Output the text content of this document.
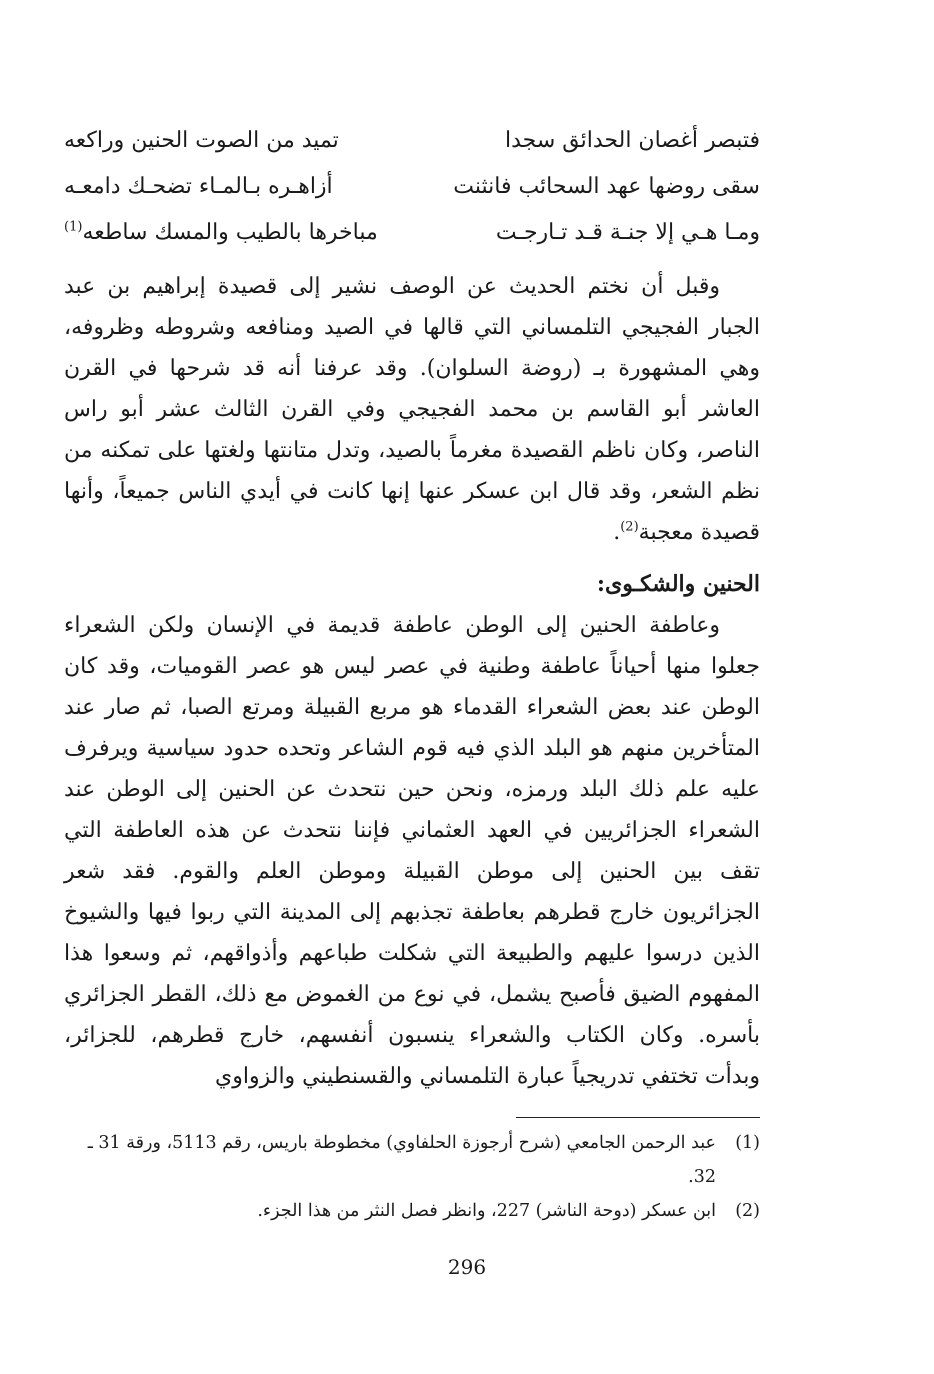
فتبصر أغصان الحدائق سجدا
تميد من الصوت الحنين وراكعه
سقى روضها عهد السحائب فانثنت
أزاهـره بـالمـاء تضحـك دامعـه
ومـا هـي إلا جنـة قـد تـارجـت
مباخرها بالطيب والمسك ساطعه$^{(1)}$

وقبل أن نختم الحديث عن الوصف نشير إلى قصيدة إبراهيم بن عبد الجبار الفجيجي التلمساني التي قالها في الصيد ومنافعه وشروطه وظروفه، وهي المشهورة بـ (روضة السلوان). وقد عرفنا أنه قد شرحها في القرن العاشر أبو القاسم بن محمد الفجيجي وفي القرن الثالث عشر أبو راس الناصر، وكان ناظم القصيدة مغرماً بالصيد، وتدل متانتها ولغتها على تمكنه من نظم الشعر، وقد قال ابن عسكر عنها إنها كانت في أيدي الناس جميعاً، وأنها قصيدة معجبة$^{(2)}$.

الحنين والشكـوى:

وعاطفة الحنين إلى الوطن عاطفة قديمة في الإنسان ولكن الشعراء جعلوا منها أحياناً عاطفة وطنية في عصر ليس هو عصر القوميات، وقد كان الوطن عند بعض الشعراء القدماء هو مربع القبيلة ومرتع الصبا، ثم صار عند المتأخرين منهم هو البلد الذي فيه قوم الشاعر وتحده حدود سياسية ويرفرف عليه علم ذلك البلد ورمزه، ونحن حين نتحدث عن الحنين إلى الوطن عند الشعراء الجزائريين في العهد العثماني فإننا نتحدث عن هذه العاطفة التي تقف بين الحنين إلى موطن القبيلة وموطن العلم والقوم. فقد شعر الجزائريون خارج قطرهم بعاطفة تجذبهم إلى المدينة التي ربوا فيها والشيوخ الذين درسوا عليهم والطبيعة التي شكلت طباعهم وأذواقهم، ثم وسعوا هذا المفهوم الضيق فأصبح يشمل، في نوع من الغموض مع ذلك، القطر الجزائري بأسره. وكان الكتاب والشعراء ينسبون أنفسهم، خارج قطرهم، للجزائر، وبدأت تختفي تدريجياً عبارة التلمساني والقسنطيني والزواوي

(1)
عبد الرحمن الجامعي (شرح أرجوزة الحلفاوي) مخطوطة باريس، رقم 5113، ورقة 31 ـ 32.
(2)
ابن عسكر (دوحة الناشر) 227، وانظر فصل النثر من هذا الجزء.
296
